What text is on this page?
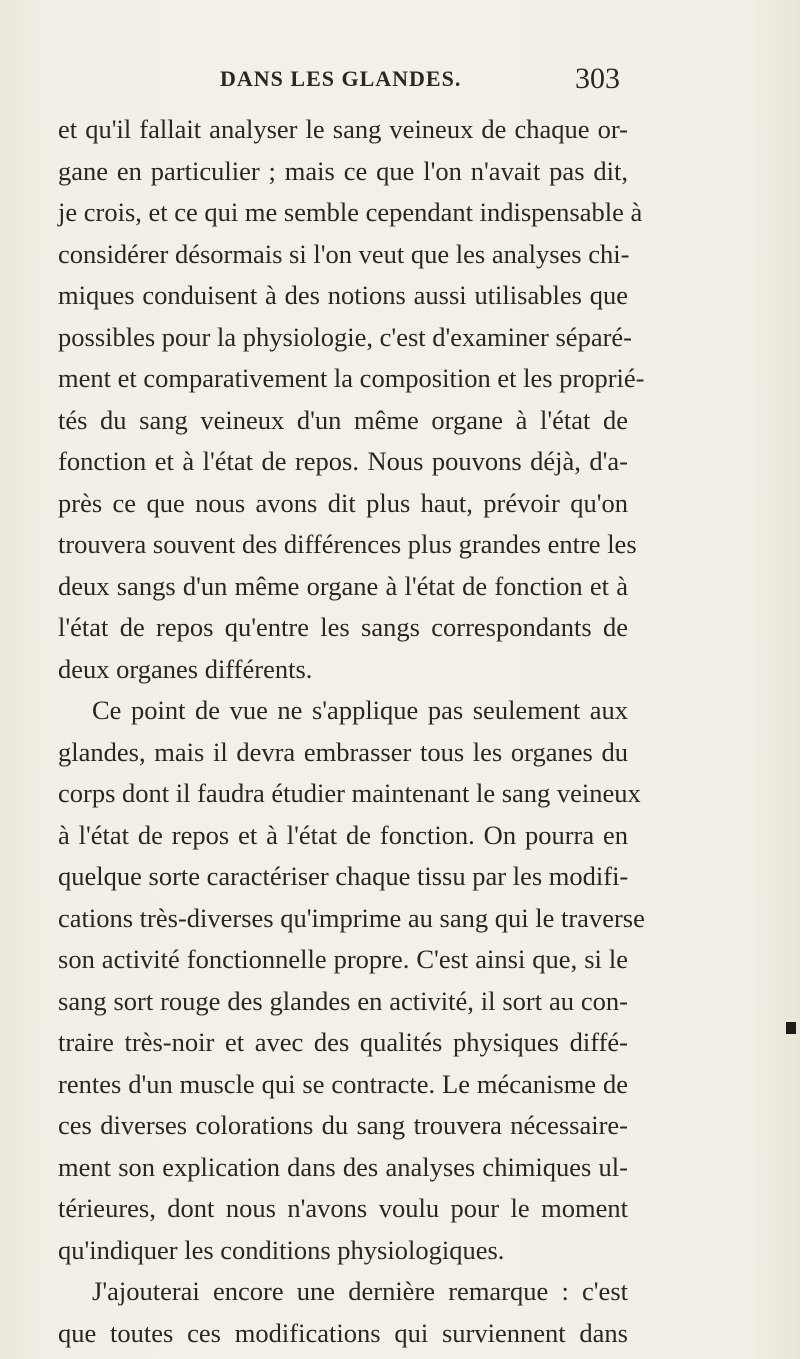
DANS LES GLANDES.	303
et qu'il fallait analyser le sang veineux de chaque or-
gane en particulier ; mais ce que l'on n'avait pas dit,
je crois, et ce qui me semble cependant indispensable à
considérer désormais si l'on veut que les analyses chi-
miques conduisent à des notions aussi utilisables que
possibles pour la physiologie, c'est d'examiner séparé-
ment et comparativement la composition et les proprié-
tés du sang veineux d'un même organe à l'état de
fonction et à l'état de repos. Nous pouvons déjà, d'a-
près ce que nous avons dit plus haut, prévoir qu'on
trouvera souvent des différences plus grandes entre les
deux sangs d'un même organe à l'état de fonction et à
l'état de repos qu'entre les sangs correspondants de
deux organes différents.
Ce point de vue ne s'applique pas seulement aux
glandes, mais il devra embrasser tous les organes du
corps dont il faudra étudier maintenant le sang veineux
à l'état de repos et à l'état de fonction. On pourra en
quelque sorte caractériser chaque tissu par les modifi-
cations très-diverses qu'imprime au sang qui le traverse
son activité fonctionnelle propre. C'est ainsi que, si le
sang sort rouge des glandes en activité, il sort au con-
traire très-noir et avec des qualités physiques diffé-
rentes d'un muscle qui se contracte. Le mécanisme de
ces diverses colorations du sang trouvera nécessaire-
ment son explication dans des analyses chimiques ul-
térieures, dont nous n'avons voulu pour le moment
qu'indiquer les conditions physiologiques.
J'ajouterai encore une dernière remarque : c'est
que toutes ces modifications qui surviennent dans
